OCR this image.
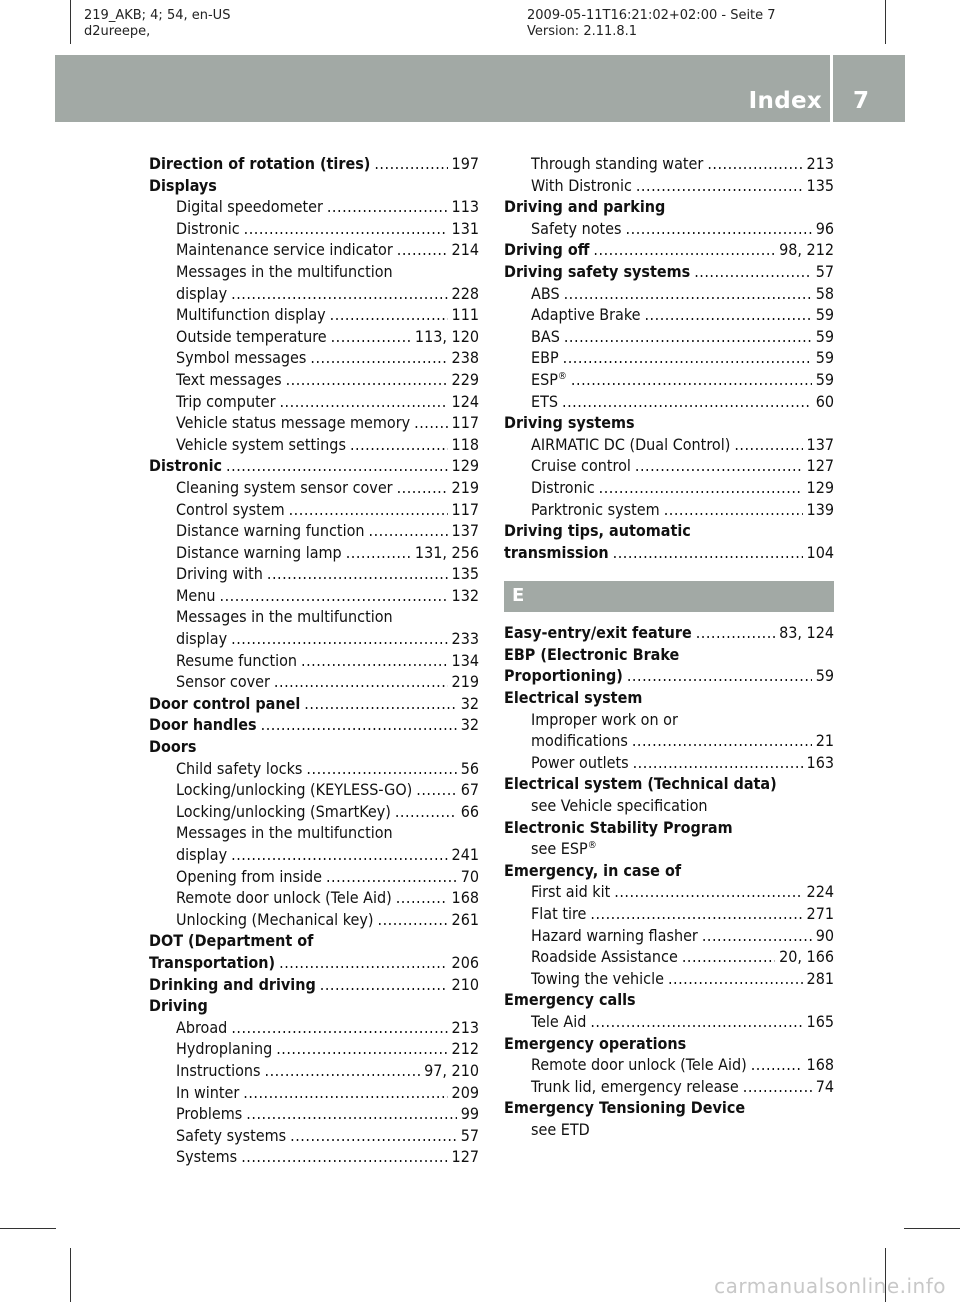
219_AKB; 4; 54, en-US
d2ureepe,
2009-05-11T16:21:02+02:00 - Seite 7
Version: 2.11.8.1
Index 7
Direction of rotation (tires) .....	197
Displays
Digital speedometer .....	113
Distronic .....	131
Maintenance service indicator .....	214
Messages in the multifunction
display .....	228
Multifunction display .....	111
Outside temperature .....	113, 120
Symbol messages .....	238
Text messages .....	229
Trip computer .....	124
Vehicle status message memory .....	117
Vehicle system settings .....	118
Distronic .....	129
Cleaning system sensor cover .....	219
Control system .....	117
Distance warning function .....	137
Distance warning lamp .....	131, 256
Driving with .....	135
Menu .....	132
Messages in the multifunction
display .....	233
Resume function .....	134
Sensor cover .....	219
Door control panel .....	32
Door handles .....	32
Doors
Child safety locks .....	56
Locking/unlocking (KEYLESS-GO) .....	67
Locking/unlocking (SmartKey) .....	66
Messages in the multifunction
display .....	241
Opening from inside .....	70
Remote door unlock (Tele Aid) .....	168
Unlocking (Mechanical key) .....	261
DOT (Department of
Transportation) .....	206
Drinking and driving .....	210
Driving
Abroad .....	213
Hydroplaning .....	212
Instructions .....	97, 210
In winter .....	209
Problems .....	99
Safety systems .....	57
Systems .....	127
Through standing water .....	213
With Distronic .....	135
Driving and parking
Safety notes .....	96
Driving off .....	98, 212
Driving safety systems .....	57
ABS .....	58
Adaptive Brake .....	59
BAS .....	59
EBP .....	59
ESP® .....	59
ETS .....	60
Driving systems
AIRMATIC DC (Dual Control) .....	137
Cruise control .....	127
Distronic .....	129
Parktronic system .....	139
Driving tips, automatic
transmission .....	104
E
Easy-entry/exit feature .....	83, 124
EBP (Electronic Brake
Proportioning) .....	59
Electrical system
Improper work on or
modifications .....	21
Power outlets .....	163
Electrical system (Technical data)
see Vehicle specification
Electronic Stability Program
see ESP®
Emergency, in case of
First aid kit .....	224
Flat tire .....	271
Hazard warning flasher .....	90
Roadside Assistance .....	20, 166
Towing the vehicle .....	281
Emergency calls
Tele Aid .....	165
Emergency operations
Remote door unlock (Tele Aid) .....	168
Trunk lid, emergency release .....	74
Emergency Tensioning Device
see ETD
carmanualsonline.info
